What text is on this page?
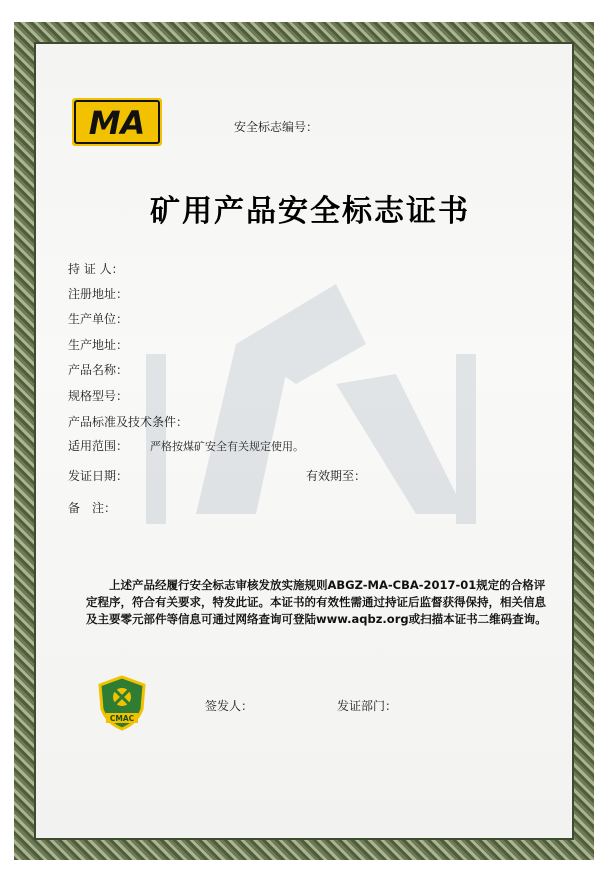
MA	安全标志编号：
矿用产品安全标志证书
持 证 人：
注册地址：
生产单位：
生产地址：
产品名称：
规格型号：
产品标准及技术条件：
适用范围： 严格按煤矿安全有关规定使用。
发证日期：	有效期至：
备　注：
上述产品经履行安全标志审核发放实施规则ABGZ-MA-CBA-2017-01规定的合格评定程序，符合有关要求，特发此证。本证书的有效性需通过持证后监督获得保持，相关信息及主要零元部件等信息可通过网络查询可登陆www.aqbz.org或扫描本证书二维码查询。
CMAC
签发人：	发证部门：
